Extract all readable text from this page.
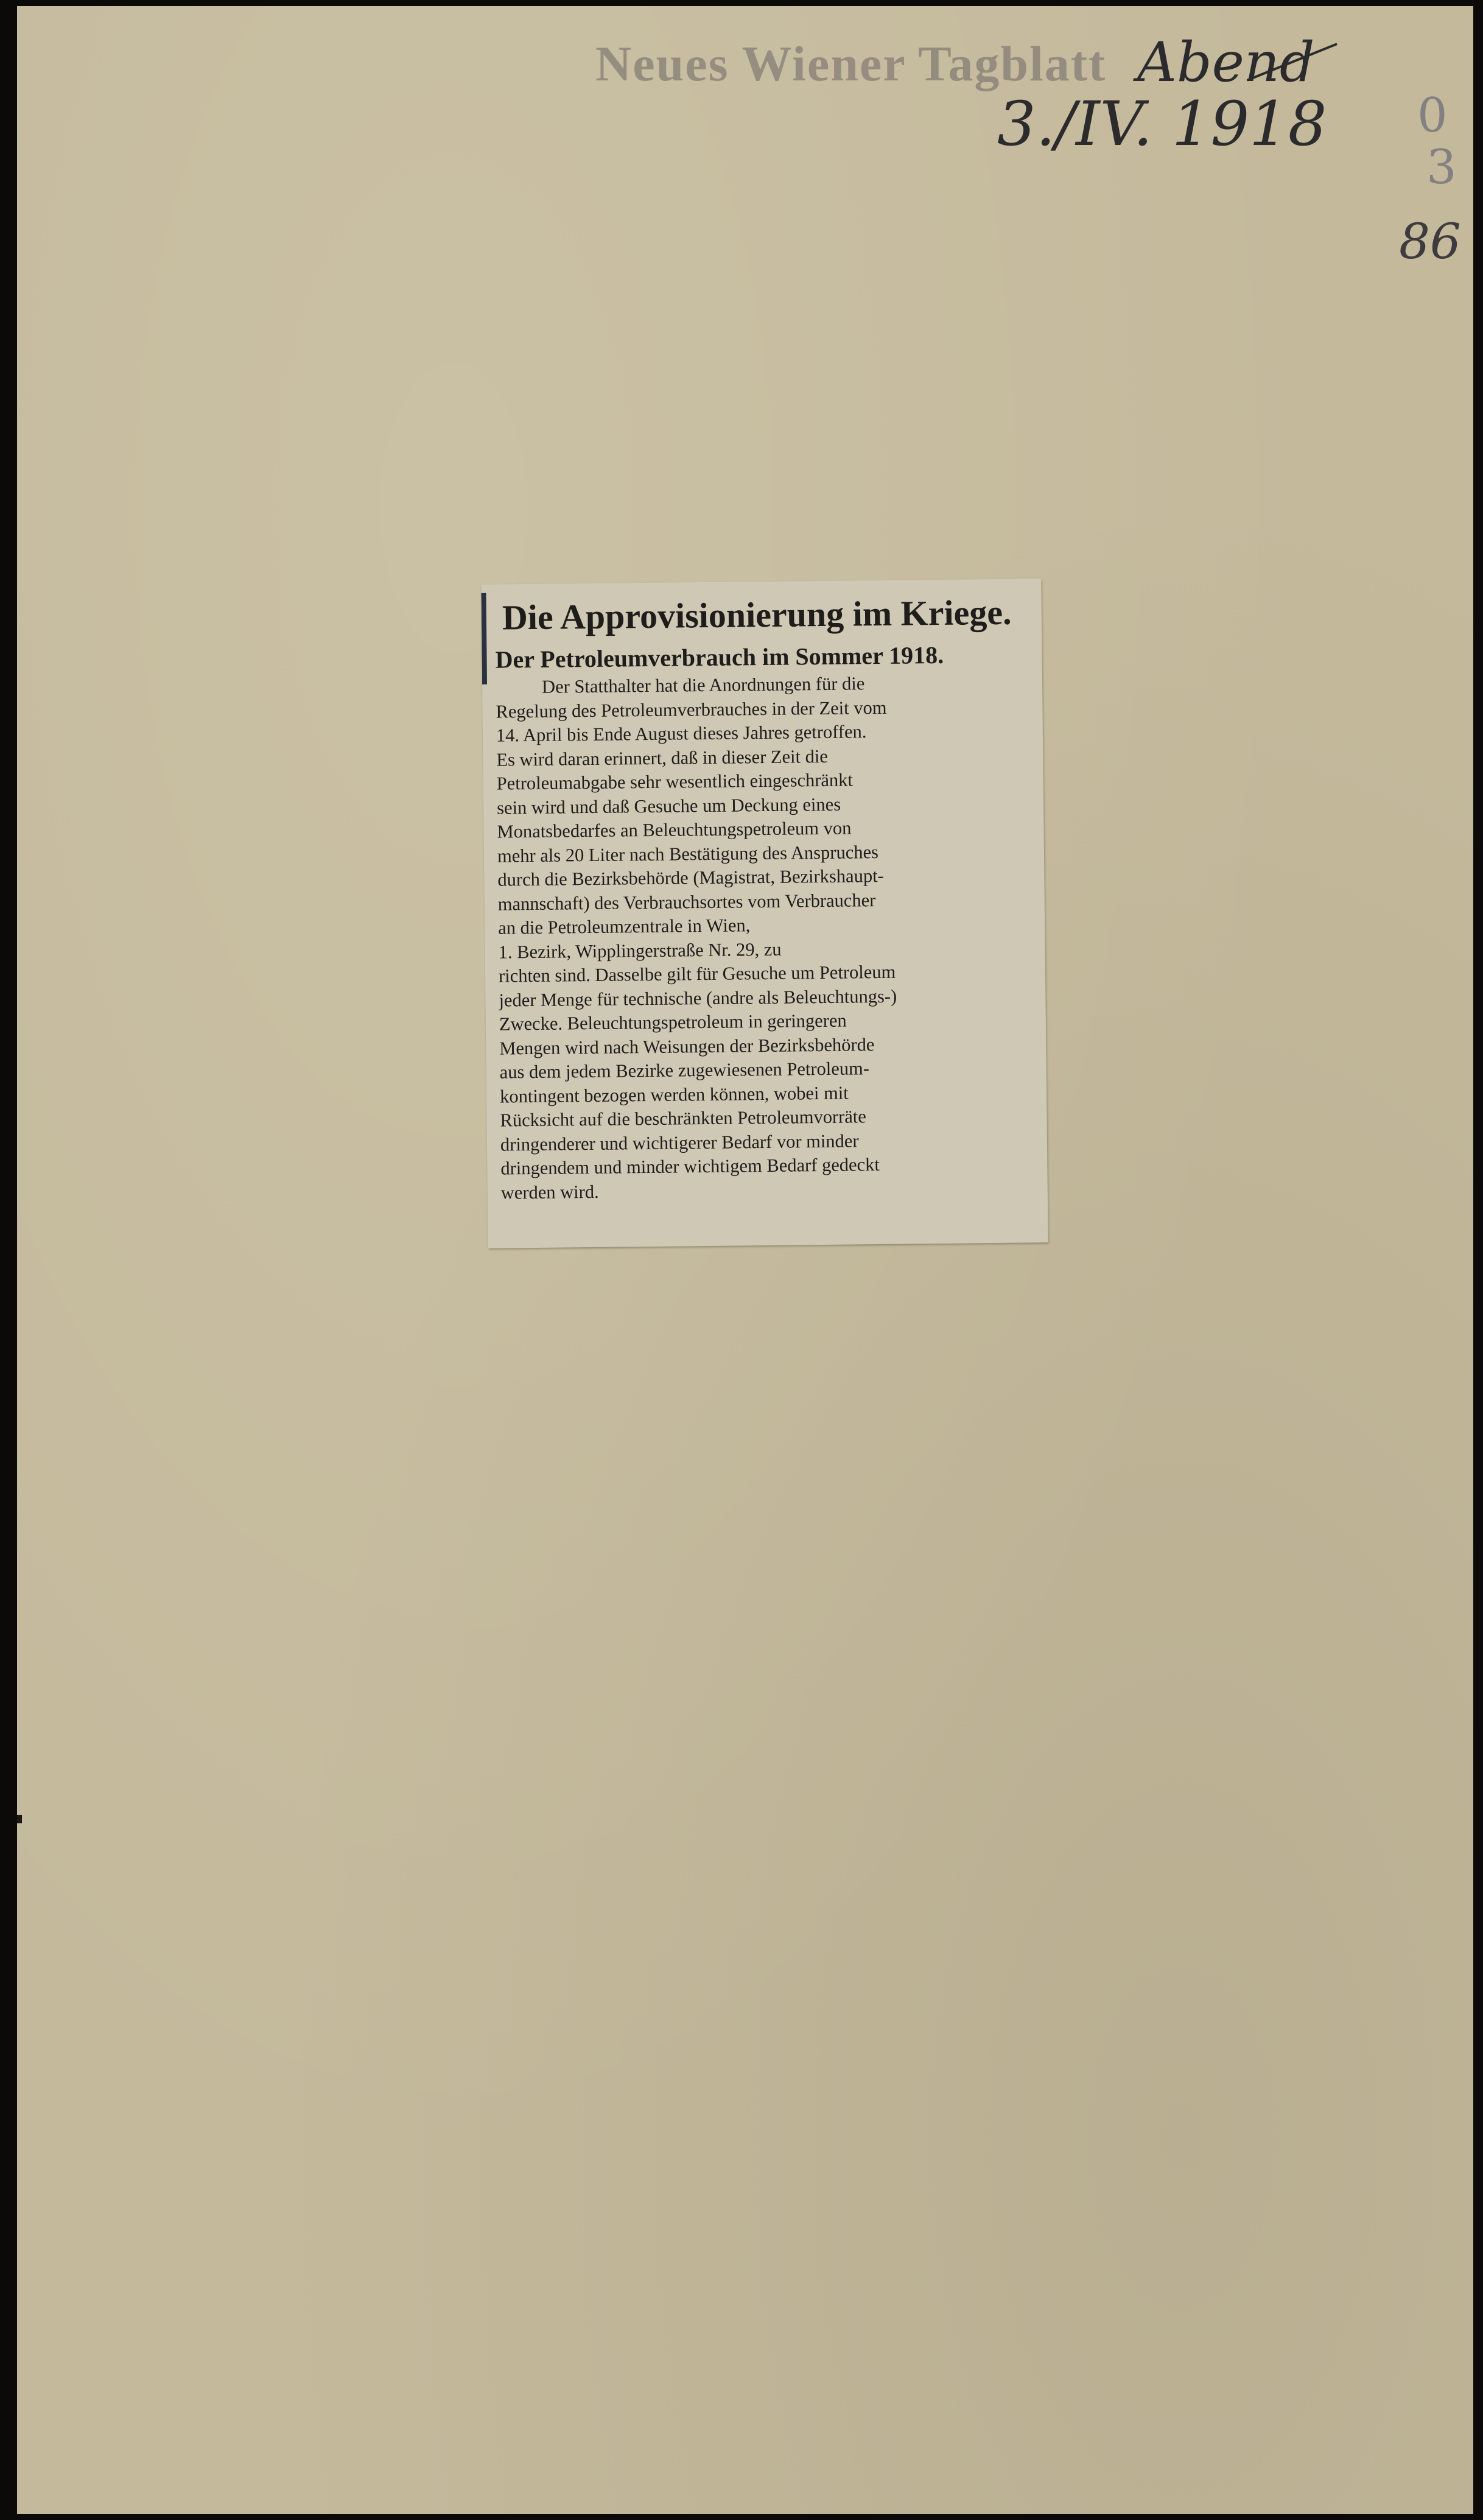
Neues Wiener Tagblatt Abend
3./IV. 1918 0
3
86
Die Approvisionierung im Kriege.
Der Petroleumverbrauch im Sommer 1918.
Der Statthalter hat die Anordnungen für die
Regelung des Petroleumverbrauches in der Zeit vom
14. April bis Ende August dieses Jahres getroffen.
Es wird daran erinnert, daß in dieser Zeit die
Petroleumabgabe sehr wesentlich eingeschränkt
sein wird und daß Gesuche um Deckung eines
Monatsbedarfes an Beleuchtungspetroleum von
mehr als 20 Liter nach Bestätigung des Anspruches
durch die Bezirksbehörde (Magistrat, Bezirkshaupt-
mannschaft) des Verbrauchsortes vom Verbraucher
an die Petroleumzentrale in Wien,
1. Bezirk, Wipplingerstraße Nr. 29, zu
richten sind. Dasselbe gilt für Gesuche um Petroleum
jeder Menge für technische (andre als Beleuchtungs-)
Zwecke. Beleuchtungspetroleum in geringeren
Mengen wird nach Weisungen der Bezirksbehörde
aus dem jedem Bezirke zugewiesenen Petroleum-
kontingent bezogen werden können, wobei mit
Rücksicht auf die beschränkten Petroleumvorräte
dringenderer und wichtigerer Bedarf vor minder
dringendem und minder wichtigem Bedarf gedeckt
werden wird.
